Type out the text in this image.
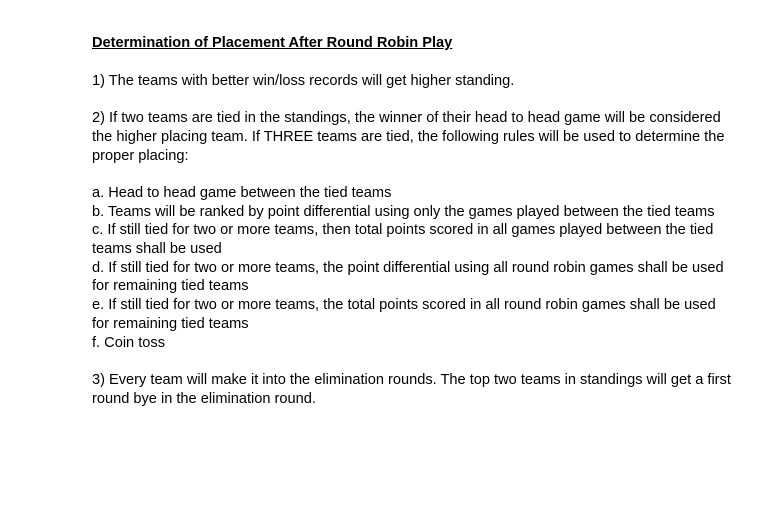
Determination of Placement After Round Robin Play
1) The teams with better win/loss records will get higher standing.
2) If two teams are tied in the standings, the winner of their head to head game will be considered the higher placing team. If THREE teams are tied, the following rules will be used to determine the proper placing:
a. Head to head game between the tied teams
b. Teams will be ranked by point differential using only the games played between the tied teams
c. If still tied for two or more teams, then total points scored in all games played between the tied teams shall be used
d. If still tied for two or more teams, the point differential using all round robin games shall be used for remaining tied teams
e. If still tied for two or more teams, the total points scored in all round robin games shall be used for remaining tied teams
f. Coin toss
3) Every team will make it into the elimination rounds. The top two teams in standings will get a first round bye in the elimination round.
